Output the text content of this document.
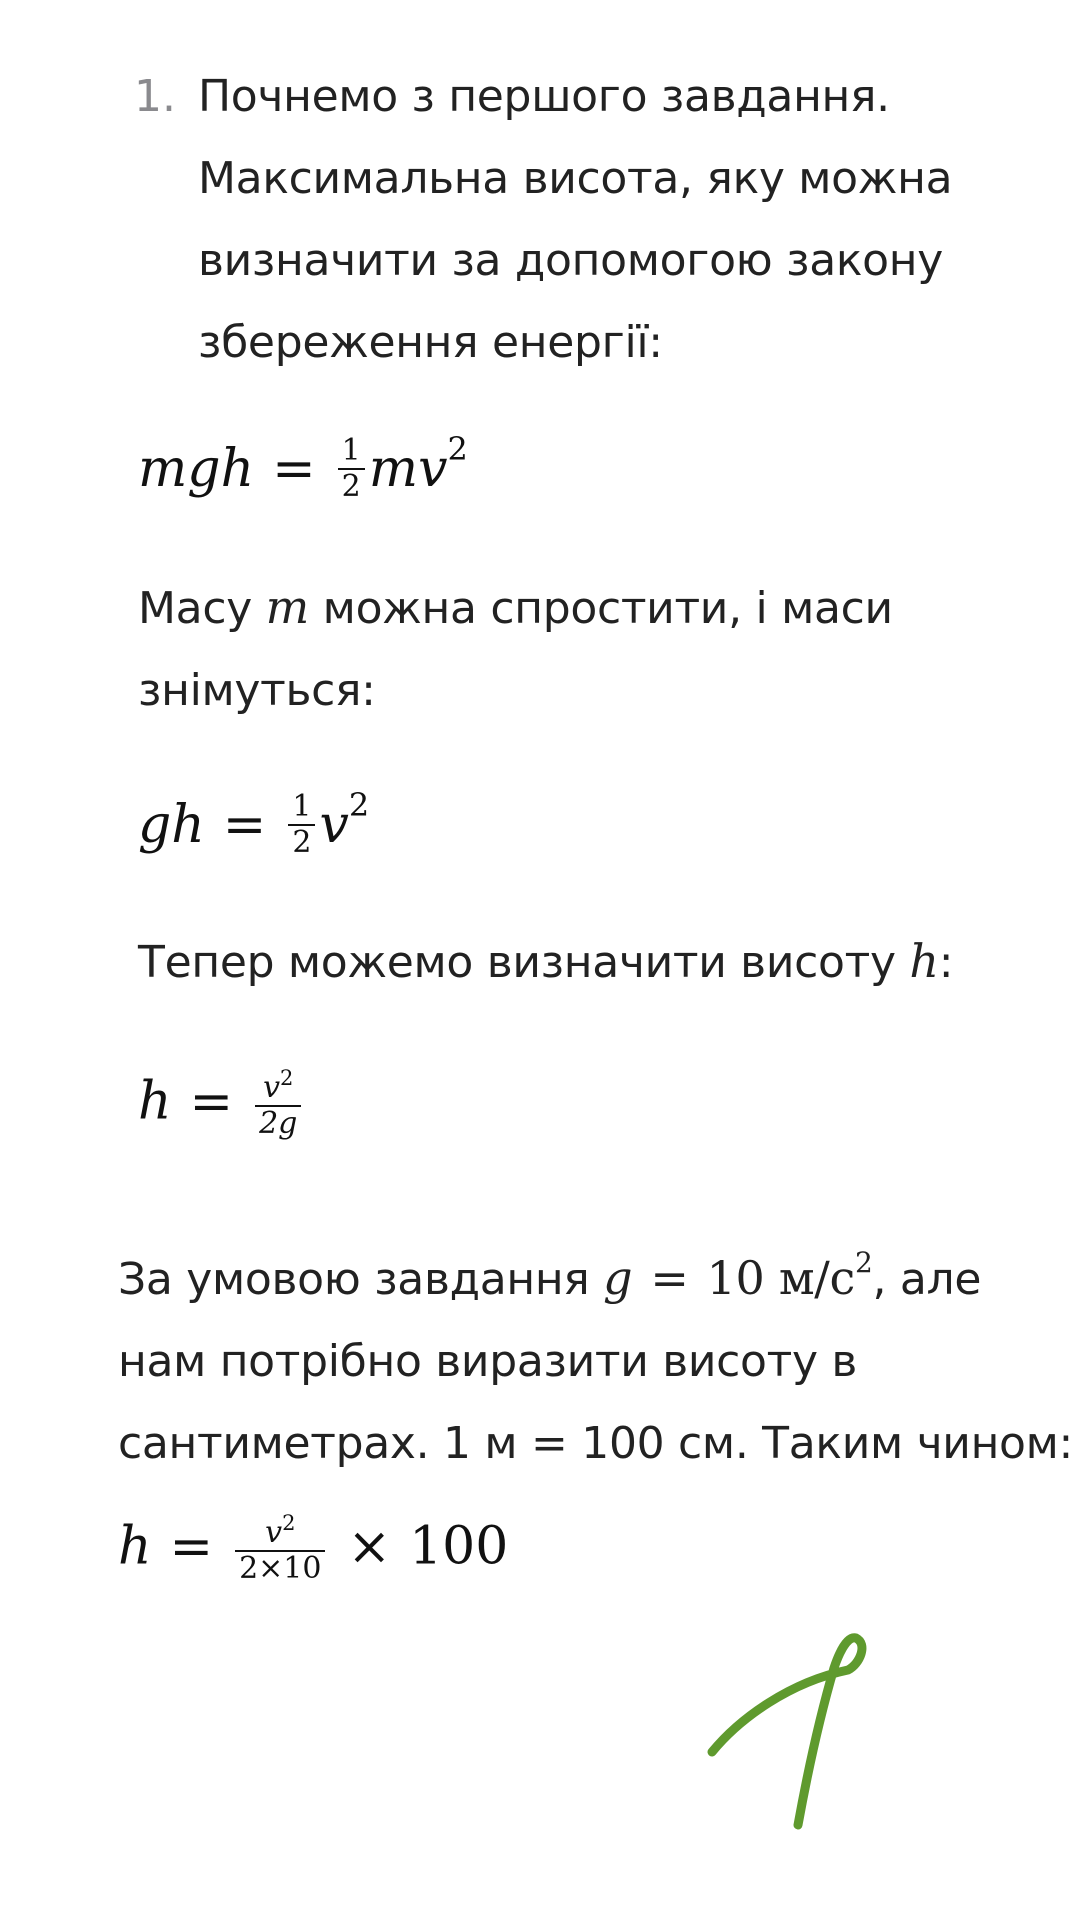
1. Почнемо з першого завдання.
Максимальна висота, яку можна
визначити за допомогою закону
збереження енергії:
mgh = $\frac{1}{2} mv^2$
Масу m можна спростити, і маси
знімуться:
gh = $\frac{1}{2} v^2$
Тепер можемо визначити висоту h:
$h = \frac{v^2}{2g}$
За умовою завдання g = 10 $м/с^2$, але
нам потрібно виразити висоту в
сантиметрах. 1 м = 100 см. Таким чином:
$h = \frac{v^2}{2\times 10} \times 100$
